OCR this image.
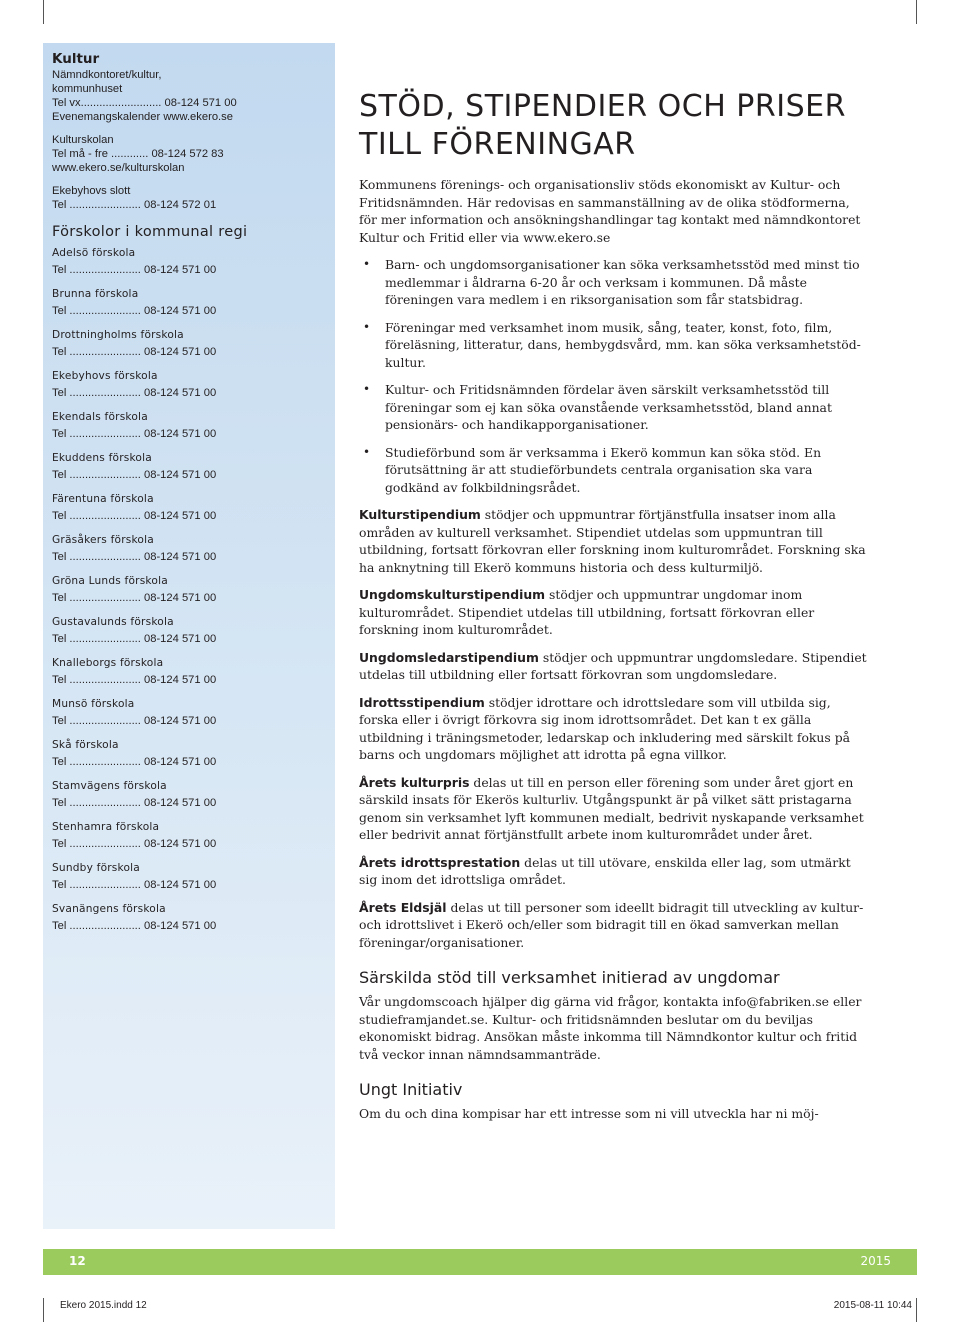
Kultur
Nämndkontoret/kultur,
kommunhuset
Tel vx.......................... 08-124 571 00
Evenemangskalender www.ekero.se
Kulturskolan
Tel må - fre ............ 08-124 572 83
www.ekero.se/kulturskolan
Ekebyhovs slott
Tel ....................... 08-124 572 01
Förskolor i kommunal regi
Adelsö förskola
Tel ....................... 08-124 571 00
Brunna förskola
Tel ....................... 08-124 571 00
Drottningholms förskola
Tel ....................... 08-124 571 00
Ekebyhovs förskola
Tel ....................... 08-124 571 00
Ekendals förskola
Tel ....................... 08-124 571 00
Ekuddens förskola
Tel ....................... 08-124 571 00
Färentuna förskola
Tel ....................... 08-124 571 00
Gräsåkers förskola
Tel ....................... 08-124 571 00
Gröna Lunds förskola
Tel ....................... 08-124 571 00
Gustavalunds förskola
Tel ....................... 08-124 571 00
Knalleborgs förskola
Tel ....................... 08-124 571 00
Munsö förskola
Tel ....................... 08-124 571 00
Skå förskola
Tel ....................... 08-124 571 00
Stamvägens förskola
Tel ....................... 08-124 571 00
Stenhamra förskola
Tel ....................... 08-124 571 00
Sundby förskola
Tel ....................... 08-124 571 00
Svanängens förskola
Tel ....................... 08-124 571 00
STÖD, STIPENDIER OCH PRISER
TILL FÖRENINGAR

Kommunens förenings- och organisationsliv stöds ekonomiskt av Kultur- och Fritidsnämnden. Här redovisas en sammanställning av de olika stödformerna, för mer information och ansökningshandlingar tag kontakt med nämndkontoret Kultur och Fritid eller via www.ekero.se

• Barn- och ungdomsorganisationer kan söka verksamhetsstöd med minst tio medlemmar i åldrarna 6-20 år och verksam i kommunen. Då måste föreningen vara medlem i en riksorganisation som får statsbidrag.
• Föreningar med verksamhet inom musik, sång, teater, konst, foto, film, föreläsning, litteratur, dans, hembygdsvård, mm. kan söka verksamhetstöd-kultur.
• Kultur- och Fritidsnämnden fördelar även särskilt verksamhetsstöd till föreningar som ej kan söka ovanstående verksamhetsstöd, bland annat pensionärs- och handikapporganisationer.
• Studieförbund som är verksamma i Ekerö kommun kan söka stöd. En förutsättning är att studieförbundets centrala organisation ska vara godkänd av folkbildningsrådet.

Kulturstipendium stödjer och uppmuntrar förtjänstfulla insatser inom alla områden av kulturell verksamhet. Stipendiet utdelas som uppmuntran till utbildning, fortsatt förkovran eller forskning inom kulturområdet. Forskning ska ha anknytning till Ekerö kommuns historia och dess kulturmiljö.

Ungdomskulturstipendium stödjer och uppmuntrar ungdomar inom kulturområdet. Stipendiet utdelas till utbildning, fortsatt förkovran eller forskning inom kulturområdet.

Ungdomsledarstipendium stödjer och uppmuntrar ungdomsledare. Stipendiet utdelas till utbildning eller fortsatt förkovran som ungdomsledare.

Idrottsstipendium stödjer idrottare och idrottsledare som vill utbilda sig, forska eller i övrigt förkovra sig inom idrottsområdet. Det kan t ex gälla utbildning i träningsmetoder, ledarskap och inkludering med särskilt fokus på barns och ungdomars möjlighet att idrotta på egna villkor.

Årets kulturpris delas ut till en person eller förening som under året gjort en särskild insats för Ekerös kulturliv. Utgångspunkt är på vilket sätt pristagarna genom sin verksamhet lyft kommunen medialt, bedrivit nyskapande verksamhet eller bedrivit annat förtjänstfullt arbete inom kulturområdet under året.

Årets idrottsprestation delas ut till utövare, enskilda eller lag, som utmärkt sig inom det idrottsliga området.

Årets Eldsjäl delas ut till personer som ideellt bidragit till utveckling av kultur- och idrottslivet i Ekerö och/eller som bidragit till en ökad samverkan mellan föreningar/organisationer.

Särskilda stöd till verksamhet initierad av ungdomar

Vår ungdomscoach hjälper dig gärna vid frågor, kontakta info@fabriken.se eller studieframjandet.se. Kultur- och fritidsnämnden beslutar om du beviljas ekonomiskt bidrag. Ansökan måste inkomma till Nämndkontor kultur och fritid två veckor innan nämndsammanträde.

Ungt Initiativ

Om du och dina kompisar har ett intresse som ni vill utveckla har ni möj-

12	2015
Ekero 2015.indd 12	2015-08-11 10:44
